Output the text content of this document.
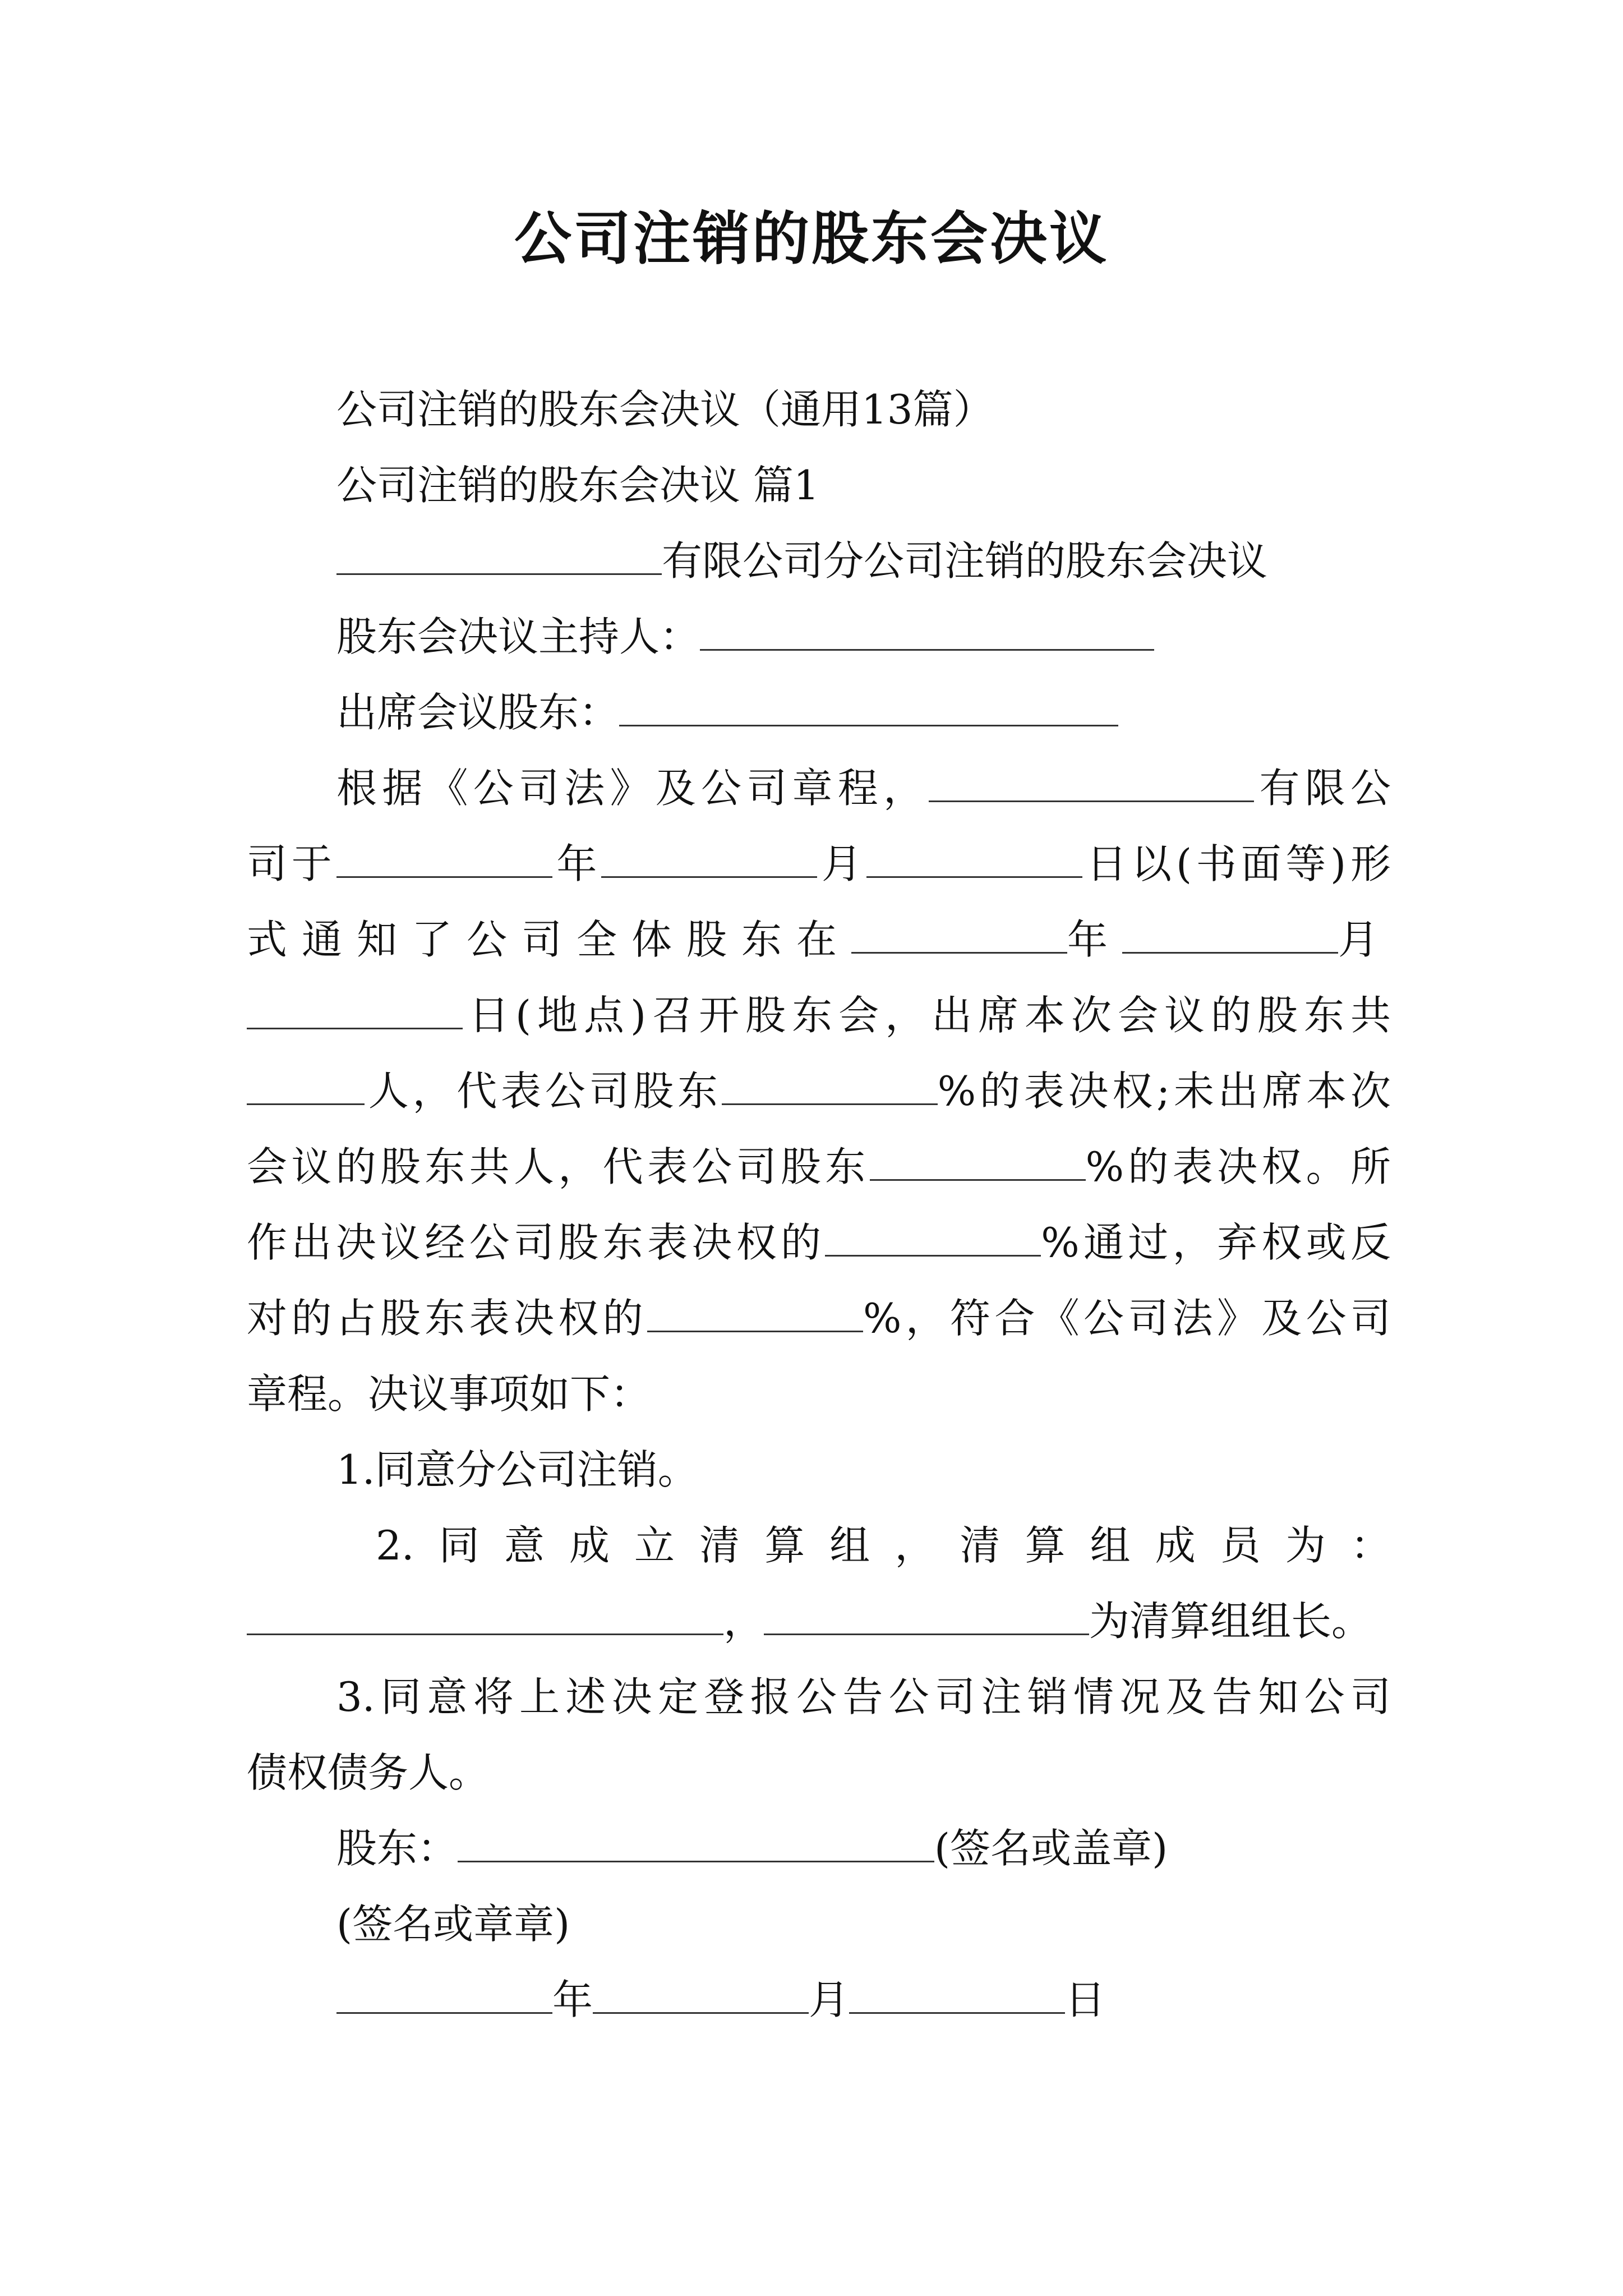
公司注销的股东会决议
公司注销的股东会决议（通用13篇）
公司注销的股东会决议 篇1
有限公司分公司注销的股东会决议
股东会决议主持人：
出席会议股东：
根据《公司法》及公司章程，	有限公
司于	年	月	日以(书面等)形
式通知了公司全体股东在	年	月
日(地点)召开股东会，出席本次会议的股东共
人，代表公司股东	%的表决权;未出席本次
会议的股东共人，代表公司股东	%的表决权。所
作出决议经公司股东表决权的	%通过，弃权或反
对的占股东表决权的	%，符合《公司法》及公司
章程。决议事项如下：
1.同意分公司注销。
2.同意成立清算组，清算组成员为：
，	为清算组组长。
3.同意将上述决定登报公告公司注销情况及告知公司
债权债务人。
股东：	(签名或盖章)
(签名或章章)
年	月	日
